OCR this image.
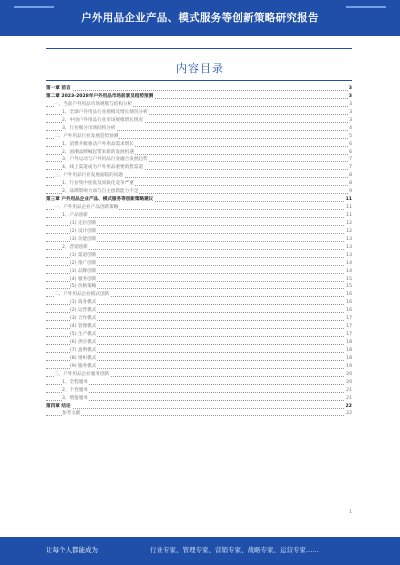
户外用品企业产品、模式服务等创新策略研究报告
内容目录
第一章 前言	3
第二章 2023-2028年户外用品市场前景及趋势预测	3
一、当前户外用品市场规模与结构分析	3
1、全球户外用品行业规模及增长情况分析	3
2、中国户外用品行业市场规模增长情况	3
3、行业细分市场结构分析	4
二、户外用品行业发展趋势预测	5
1、消费升级驱动户外用品需求增长	6
2、国潮品牌崛起带来新的发展机遇	6
3、户外运动与户外用品行业融合发展趋势	7
4、线上渠道成为户外用品重要销售渠道	7
三、户外用品行业发展面临的问题	8
1、行业集中度低及同质化竞争严重	8
2、品牌影响力弱与自主创新能力不足	9
第三章 户外用品企业产品、模式服务等创新策略建议	11
一、户外用品企业产品创新策略	11
1、产品创新	11
(1) 定位创新	12
(2) 设计创新	12
(3) 功能创新	13
2、营销创新	13
(1) 渠道创新	13
(2) 推广创新	14
(3) 品牌创新	14
(4) 服务创新	15
(5) 价格策略	15
二、户外用品企业模式创新	16
(1) 商业模式	16
(2) 运营模式	16
(3) 合作模式	17
(4) 管理模式	17
(5) 生产模式	17
(6) 供应模式	18
(7) 盈利模式	18
(8) 组织模式	18
(9) 服务模式	19
三、户外用品企业服务创新	20
1、全程服务	20
2、个性服务	21
3、增值服务	21
第四章 结论	22
参考文献	22
1
让每个人都能成为	行业专家、管理专家、营销专家、战略专家、运营专家……
